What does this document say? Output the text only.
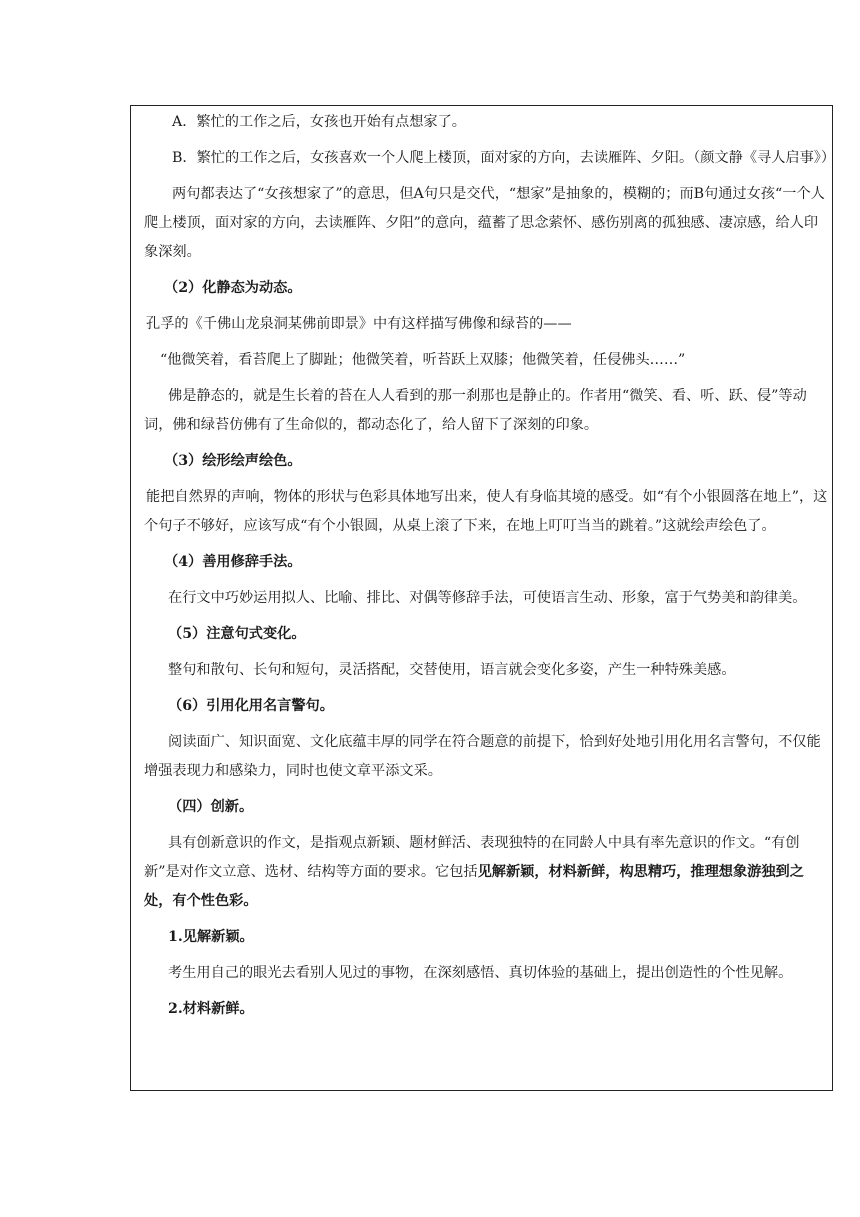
A．繁忙的工作之后，女孩也开始有点想家了。

B．繁忙的工作之后，女孩喜欢一个人爬上楼顶，面对家的方向，去读雁阵、夕阳。（颜文静《寻人启事》）

两句都表达了“女孩想家了”的意思，但A句只是交代，“想家”是抽象的，模糊的；而B句通过女孩“一个人爬上楼顶，面对家的方向，去读雁阵、夕阳”的意向，蕴蓄了思念萦怀、感伤别离的孤独感、凄凉感，给人印象深刻。

（2）化静态为动态。

孔孚的《千佛山龙泉洞某佛前即景》中有这样描写佛像和绿苔的——

“他微笑着，看苔爬上了脚趾；他微笑着，听苔跃上双膝；他微笑着，任侵佛头……”

佛是静态的，就是生长着的苔在人人看到的那一刹那也是静止的。作者用“微笑、看、听、跃、侵”等动词，佛和绿苔仿佛有了生命似的，都动态化了，给人留下了深刻的印象。

（3）绘形绘声绘色。

能把自然界的声响，物体的形状与色彩具体地写出来，使人有身临其境的感受。如“有个小银圆落在地上”，这个句子不够好，应该写成“有个小银圆，从桌上滚了下来，在地上叮叮当当的跳着。”这就绘声绘色了。

（4）善用修辞手法。

在行文中巧妙运用拟人、比喻、排比、对偶等修辞手法，可使语言生动、形象，富于气势美和韵律美。

（5）注意句式变化。

整句和散句、长句和短句，灵活搭配，交替使用，语言就会变化多姿，产生一种特殊美感。

（6）引用化用名言警句。

阅读面广、知识面宽、文化底蕴丰厚的同学在符合题意的前提下，恰到好处地引用化用名言警句，不仅能增强表现力和感染力，同时也使文章平添文采。

（四）创新。

具有创新意识的作文，是指观点新颖、题材鲜活、表现独特的在同龄人中具有率先意识的作文。“有创新”是对作文立意、选材、结构等方面的要求。它包括见解新颖，材料新鲜，构思精巧，推理想象游独到之处，有个性色彩。

1.见解新颖。

考生用自己的眼光去看别人见过的事物，在深刻感悟、真切体验的基础上，提出创造性的个性见解。

2.材料新鲜。
